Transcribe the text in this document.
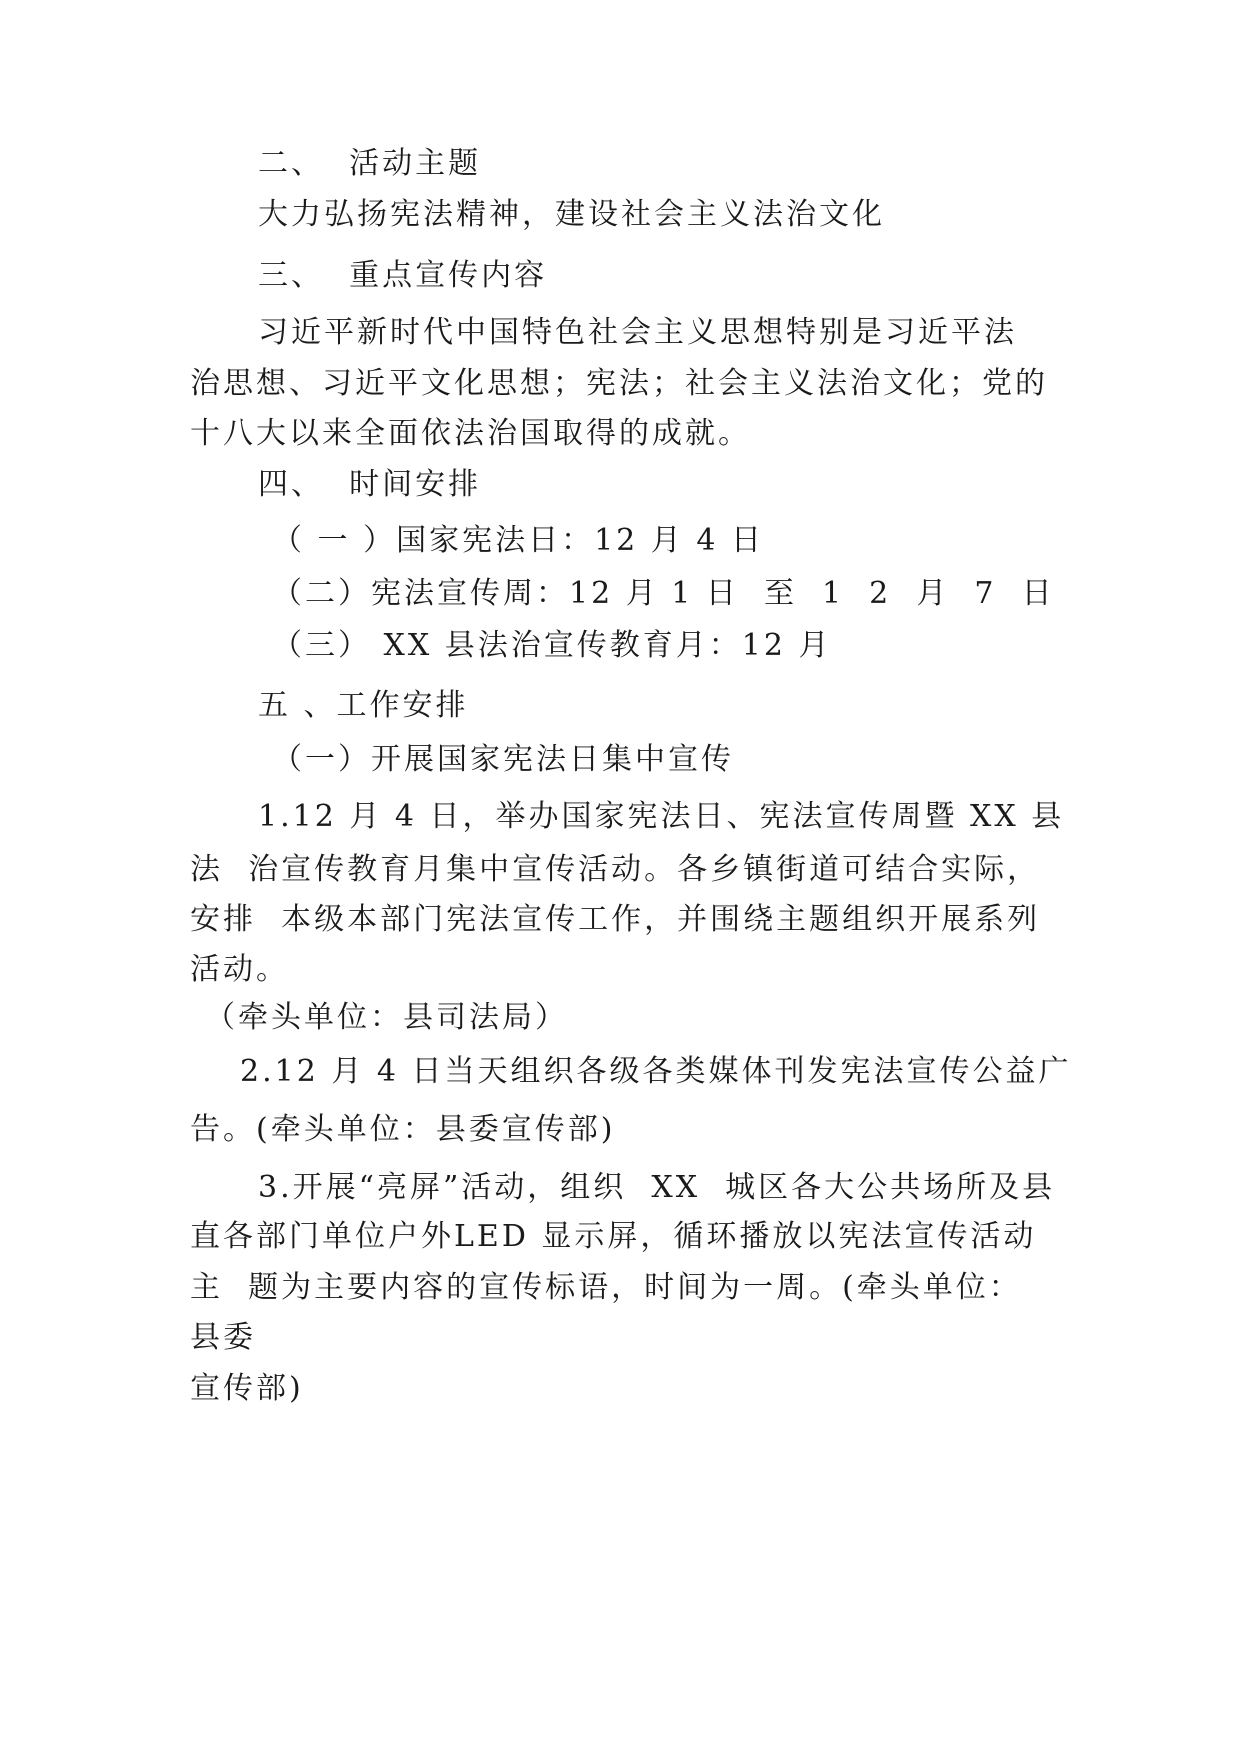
二、  活动主题
大力弘扬宪法精神，建设社会主义法治文化
三、  重点宣传内容
习近平新时代中国特色社会主义思想特别是习近平法
治思想、习近平文化思想；宪法；社会主义法治文化；党的
十八大以来全面依法治国取得的成就。
四、  时间安排
（ 一 ）国家宪法日：12 月 4 日
（二）宪法宣传周：12 月 1 日  至  1  2  月  7  日
（三） XX 县法治宣传教育月：12 月
五 、工作安排
（一）开展国家宪法日集中宣传
1.12 月 4 日，举办国家宪法日、宪法宣传周暨 XX 县
法  治宣传教育月集中宣传活动。各乡镇街道可结合实际，
安排  本级本部门宪法宣传工作，并围绕主题组织开展系列
活动。
（牵头单位：县司法局）
2.12 月 4 日当天组织各级各类媒体刊发宪法宣传公益广
告。(牵头单位：县委宣传部)
3.开展“亮屏”活动，组织  XX  城区各大公共场所及县
直各部门单位户外LED 显示屏，循环播放以宪法宣传活动
主  题为主要内容的宣传标语，时间为一周。(牵头单位：
县委
宣传部)
